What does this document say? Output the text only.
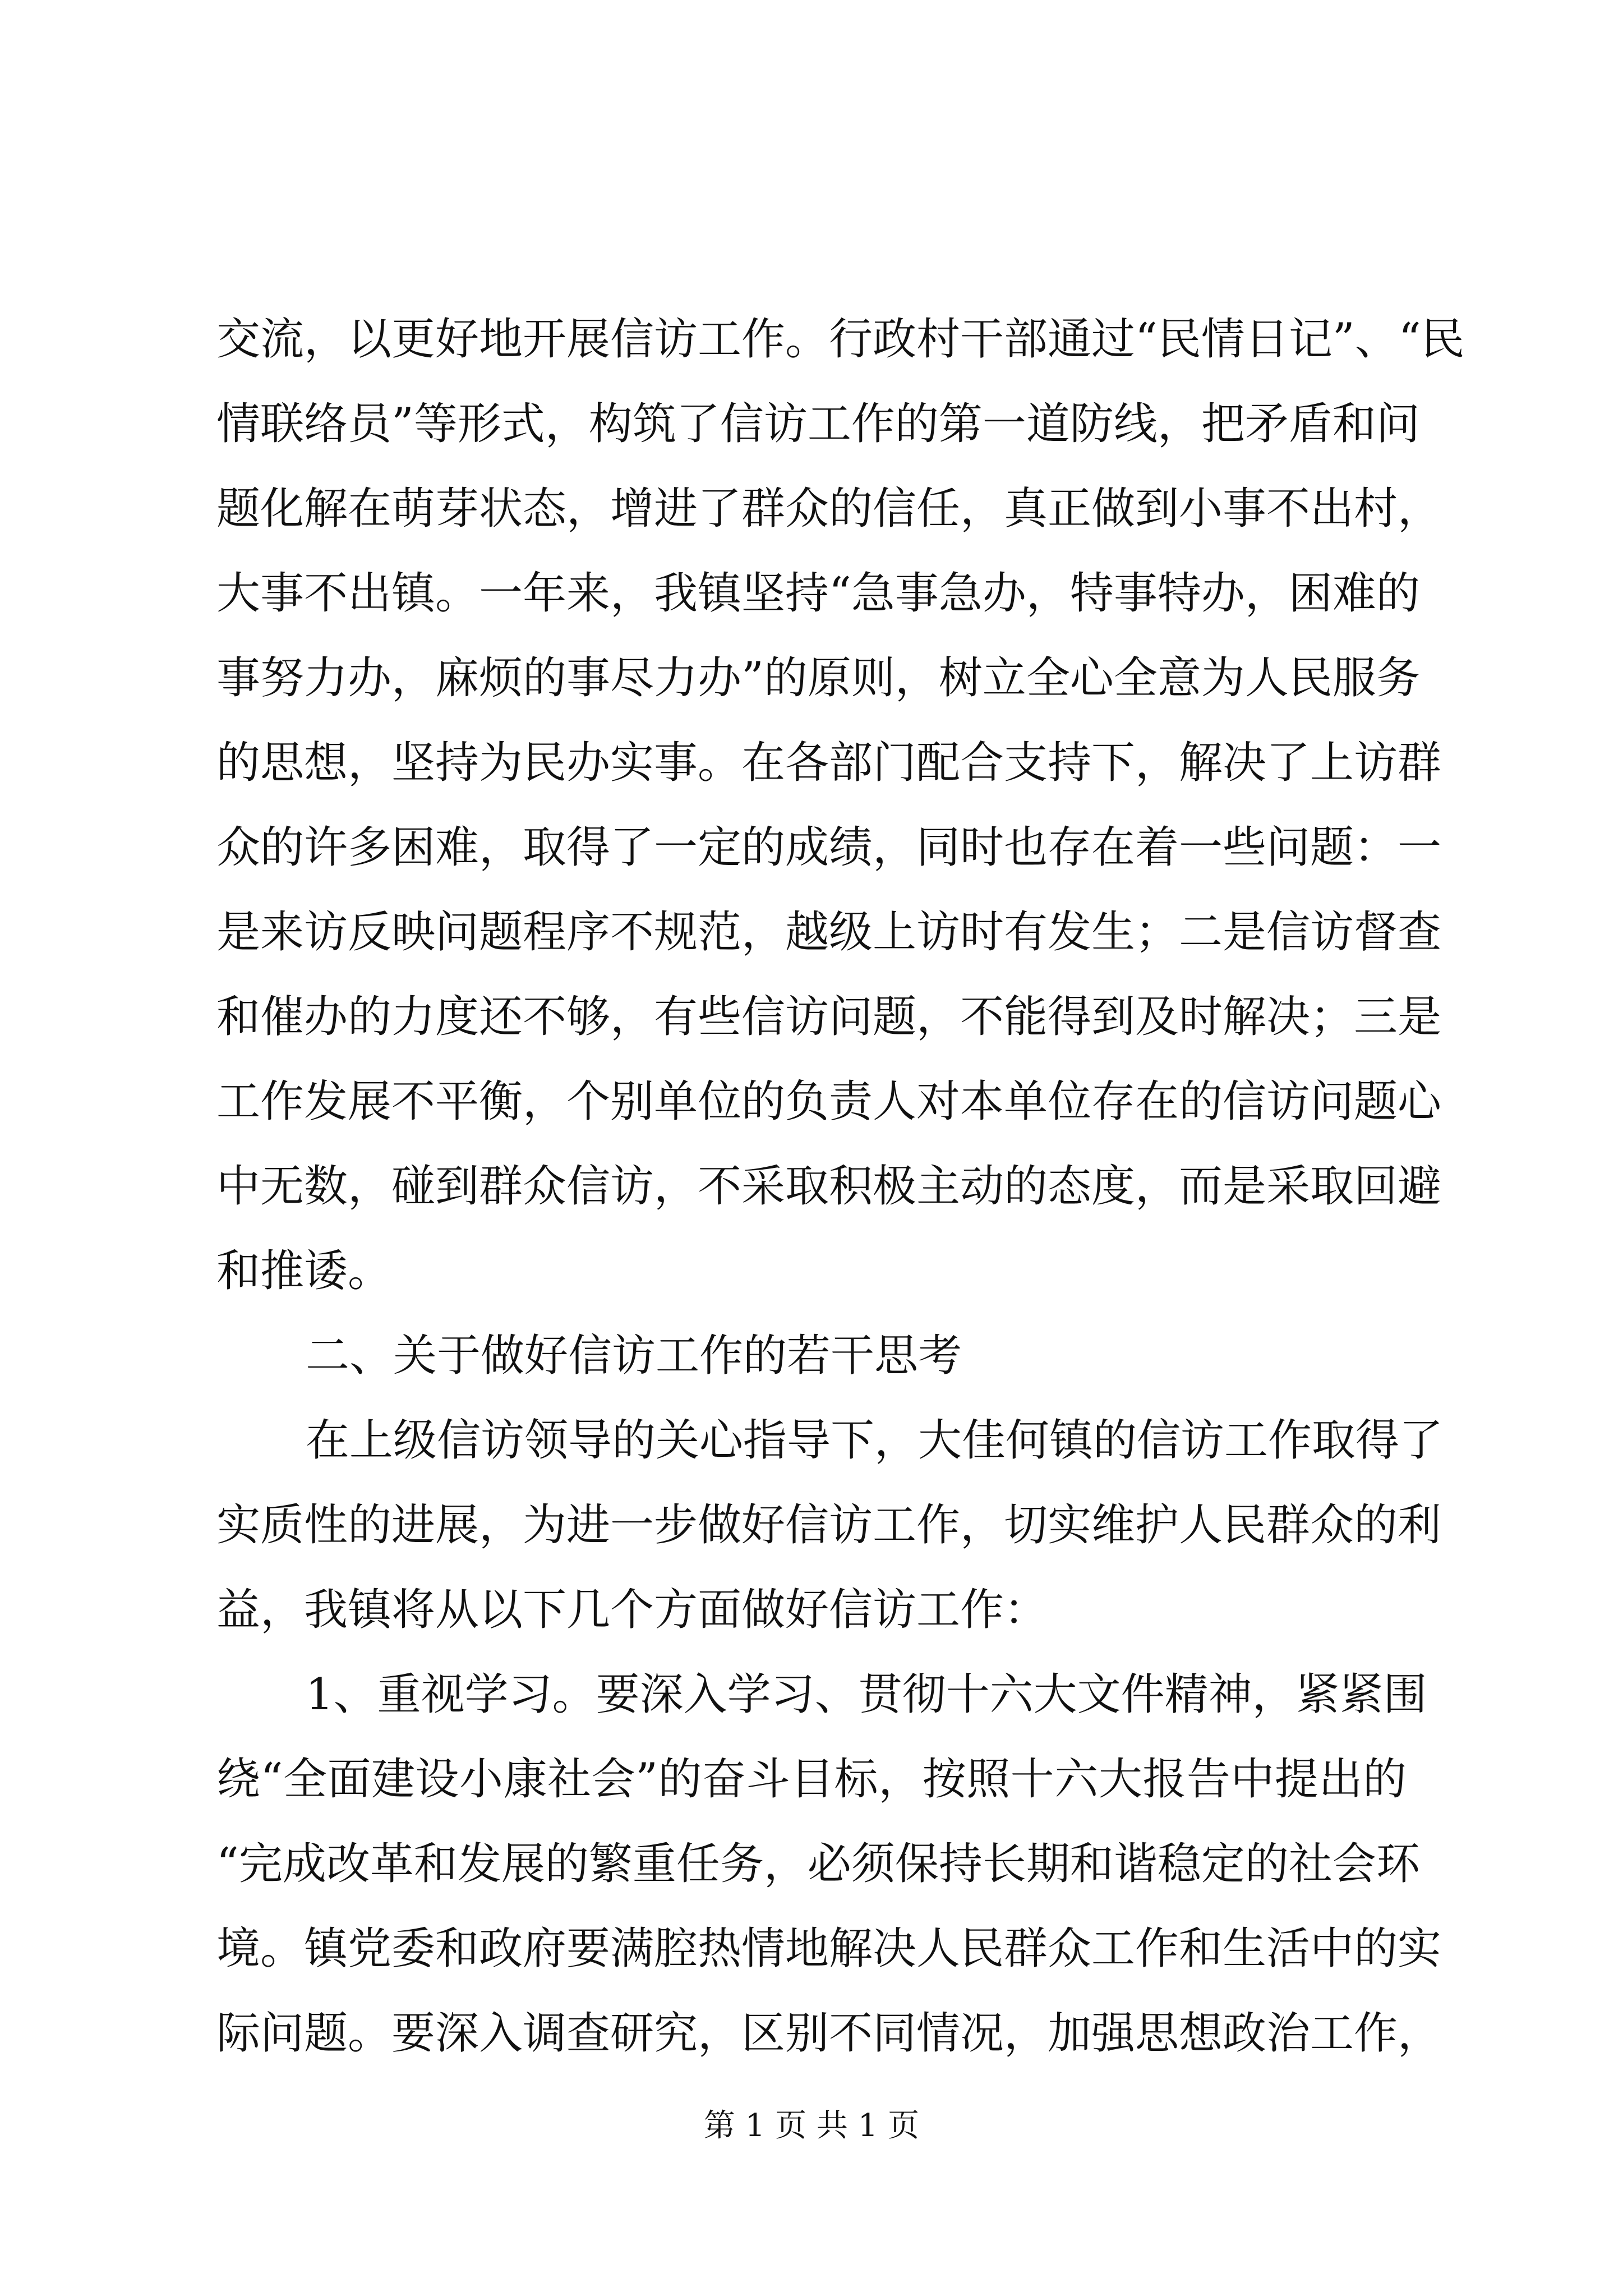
交流，以更好地开展信访工作。行政村干部通过“民情日记”、“民
情联络员”等形式，构筑了信访工作的第一道防线，把矛盾和问
题化解在萌芽状态，增进了群众的信任，真正做到小事不出村，
大事不出镇。一年来，我镇坚持“急事急办，特事特办，困难的
事努力办，麻烦的事尽力办”的原则，树立全心全意为人民服务
的思想，坚持为民办实事。在各部门配合支持下，解决了上访群
众的许多困难，取得了一定的成绩，同时也存在着一些问题：一
是来访反映问题程序不规范，越级上访时有发生；二是信访督查
和催办的力度还不够，有些信访问题，不能得到及时解决；三是
工作发展不平衡，个别单位的负责人对本单位存在的信访问题心
中无数，碰到群众信访，不采取积极主动的态度，而是采取回避
和推诿。
二、关于做好信访工作的若干思考
在上级信访领导的关心指导下，大佳何镇的信访工作取得了
实质性的进展，为进一步做好信访工作，切实维护人民群众的利
益，我镇将从以下几个方面做好信访工作：
1、重视学习。要深入学习、贯彻十六大文件精神，紧紧围
绕“全面建设小康社会”的奋斗目标，按照十六大报告中提出的
“完成改革和发展的繁重任务，必须保持长期和谐稳定的社会环
境。镇党委和政府要满腔热情地解决人民群众工作和生活中的实
际问题。要深入调查研究，区别不同情况，加强思想政治工作，
第 1 页 共 1 页
